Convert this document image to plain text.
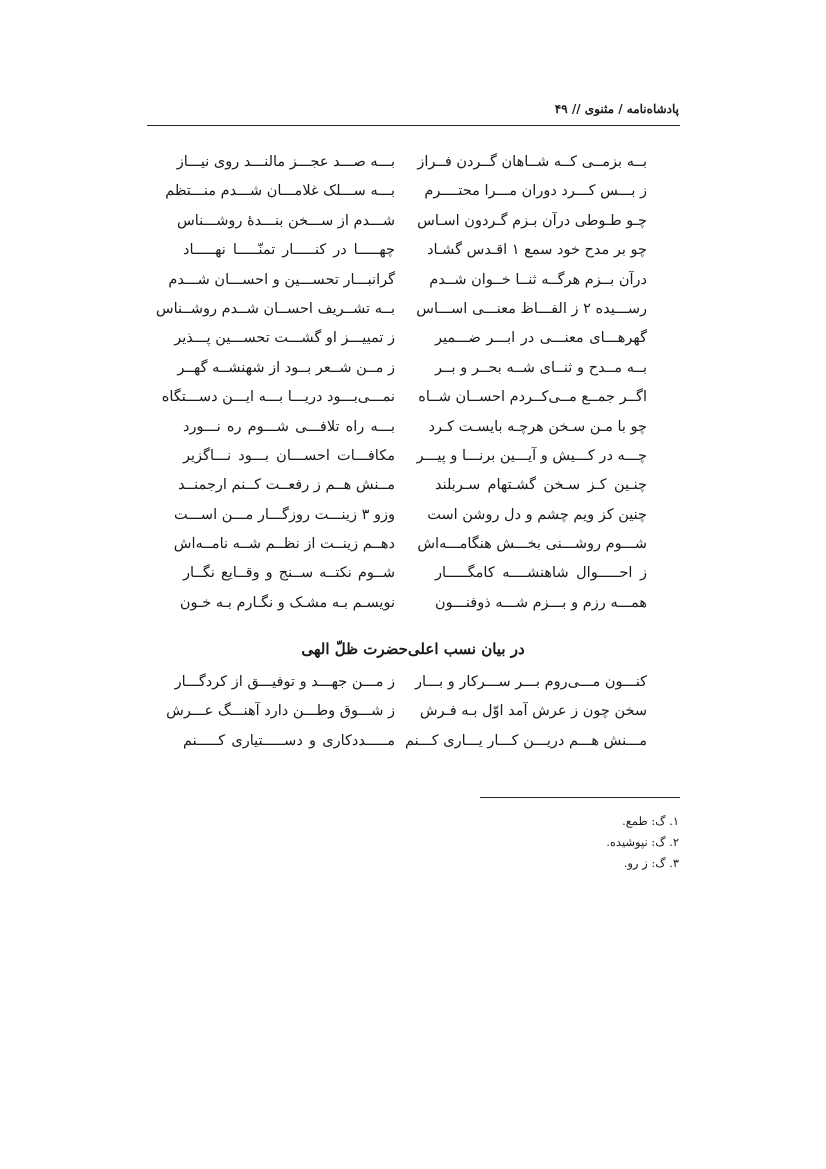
پادشاه‌نامه / مثنوی // ۴۹
بــه بزمــی کــه شــاهان گــردن فــراز
بـــه صـــد عجـــز مالنـــد روی نیـــاز
ز بـــس کـــرد دوران مـــرا محتــــرم
بـــه ســـلک غلامـــان شـــدم منـــتظم
چـو طـوطی درآن بـزم گـردون اسـاس
شـــدم از ســـخن بنـــدهٔ روشـــناس
چو بر مدح خود سمع ۱ اقـدس گشـاد
چهـــــا در کنـــــار تمنّـــــا نهـــــاد
درآن بــزم هرگــه ثنــا خــوان شــدم
گرانبـــار تحســـین و احســـان شـــدم
رســـیده ۲ ز الفـــاظ معنـــی اســـاس
بــه تشــریف احســان شــدم روشــناس
گهرهـــای معنـــی در ابـــر ضـــمیر
ز تمییـــز او گشـــت تحســـین پـــذیر
بــه مــدح و ثنــای شــه بحــر و بــر
ز مــن شــعر بــود از شهنشــه گهــر
اگــر جمــع مــی‌کــردم احســان شــاه
نمـــی‌بـــود دریـــا بـــه ایـــن دســـتگاه
چو با مـن سـخن هرچـه بایسـت کـرد
بـــه راه تلافـــی شـــوم ره نـــورد
چـــه در کـــیش و آیـــین برنـــا و پیـــر
مکافـــات احســـان بـــود نـــاگزیر
چنـین کـز سـخن گشـتهام سـربلند
مــنش هــم ز رفعــت کــنم ارجمنــد
چنین کز ویم چشم و دل روشن است
وزو ۳ زینـــت روزگـــار مـــن اســـت
شـــوم روشـــنی بخـــش هنگامـــه‌اش
دهــم زینــت از نظــم شــه نامــه‌اش
ز احـــــوال شاهنشــــه کامگـــــار
شــوم نکتــه ســنج و وقــایع نگــار
همـــه رزم و بـــزم شـــه ذوفنـــون
نویسـم بـه مشـک و نگـارم بـه خـون
در بیان نسب اعلی‌حضرت ظلّ الهی
کنـــون مـــی‌روم بـــر ســـرکار و بـــار
ز مـــن جهـــد و توفیـــق از کردگـــار
سخن چون ز عرش آمد اوّل بـه فـرش
ز شـــوق وطـــن دارد آهنـــگ عـــرش
مـــنش هـــم دریـــن کـــار یـــاری کـــنم
مـــــددکاری و دســـــتیاری کـــــنم
۱. گ: طمع.
۲. گ: نپوشیده.
۳. گ: ز رو.
